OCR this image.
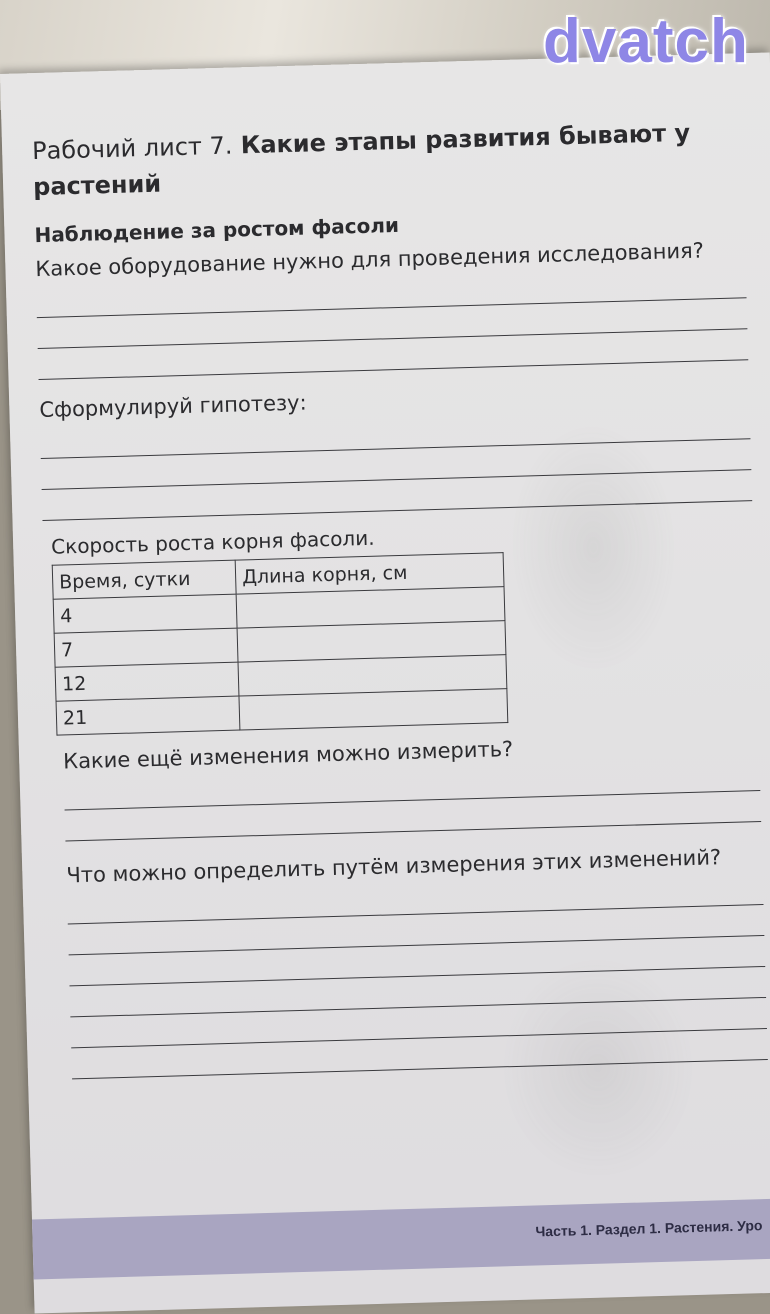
Рабочий лист 7. Какие этапы развития бывают у растений
Наблюдение за ростом фасоли
Какое оборудование нужно для проведения исследования?
Сформулируй гипотезу:
Скорость роста корня фасоли.
Время, сутки	Длина корня, см
4	
7	
12	
21	
Какие ещё изменения можно измерить?
Что можно определить путём измерения этих изменений?
Часть 1. Раздел 1. Растения. Уро
dvatch
